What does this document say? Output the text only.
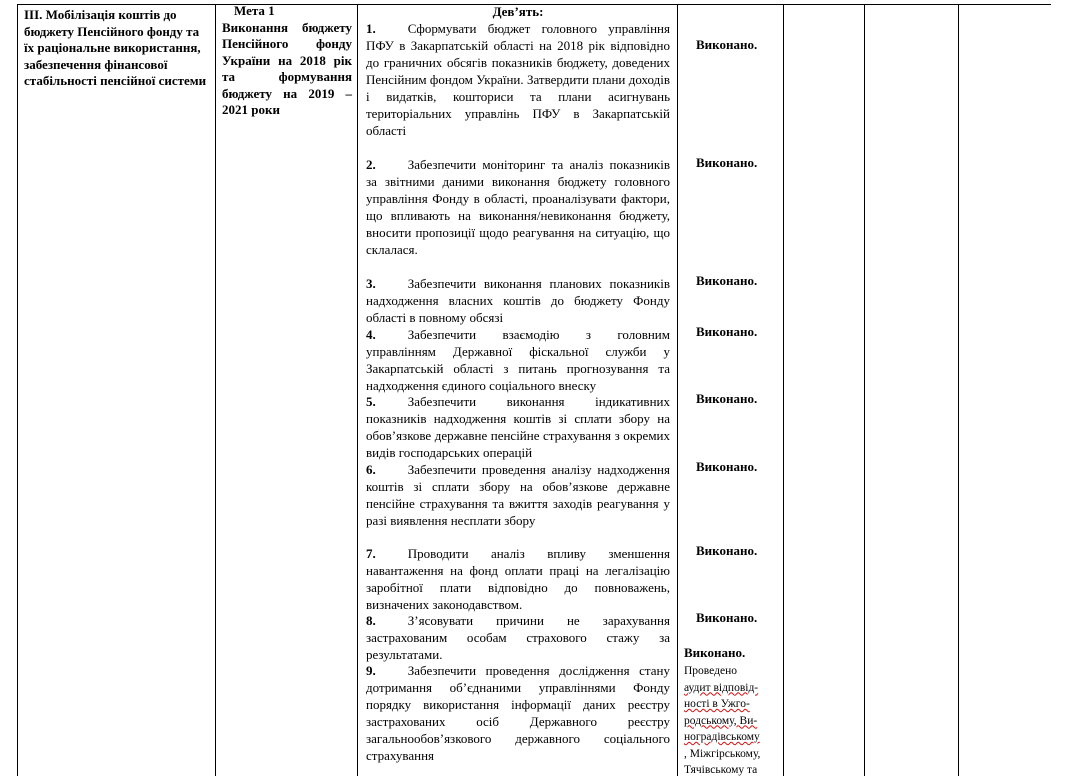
III. Мобілізація коштів до бюджету Пенсійного фонду та їх раціональне використання, забезпечення фінансової стабільності пенсійної системи
Мета 1
Виконання бюджету Пенсійного фонду України на 2018 рік та формування бюджету на 2019 – 2021 роки
Дев’ять:
1. Сформувати бюджет головного управління ПФУ в Закарпатській області на 2018 рік відповідно до граничних обсягів показників бюджету, доведених Пенсійним фондом України. Затвердити плани доходів і видатків, кошториси та плани асигнувань територіальних управлінь ПФУ в Закарпатській області
2. Забезпечити моніторинг та аналіз показників за звітними даними виконання бюджету головного управління Фонду в області, проаналізувати фактори, що впливають на виконання/невиконання бюджету, вносити пропозиції щодо реагування на ситуацію, що склалася.
3. Забезпечити виконання планових показників надходження власних коштів до бюджету Фонду області в повному обсязі
4. Забезпечити взаємодію з головним управлінням Державної фіскальної служби у Закарпатській області з питань прогнозування та надходження єдиного соціального внеску
5. Забезпечити виконання індикативних показників надходження коштів зі сплати збору на обов’язкове державне пенсійне страхування з окремих видів господарських операцій
6. Забезпечити проведення аналізу надходження коштів зі сплати збору на обов’язкове державне пенсійне страхування та вжиття заходів реагування у разі виявлення несплати збору
7. Проводити аналіз впливу зменшення навантаження на фонд оплати праці на легалізацію заробітної плати відповідно до повноважень, визначених законодавством.
8. З’ясовувати причини не зарахування застрахованим особам страхового стажу за результатами.
9. Забезпечити проведення дослідження стану дотримання об’єднаними управліннями Фонду порядку використання інформації даних реєстру застрахованих осіб Державного реєстру загальнообов’язкового державного соціального страхування
Виконано.
Виконано.
Виконано.
Виконано.
Виконано.
Виконано.
Виконано.
Виконано.
Виконано.
Проведено
аудит відповід-
ності в Ужго-
родському, Ви-
ноградівському
, Міжгірському,
Тячівському та
